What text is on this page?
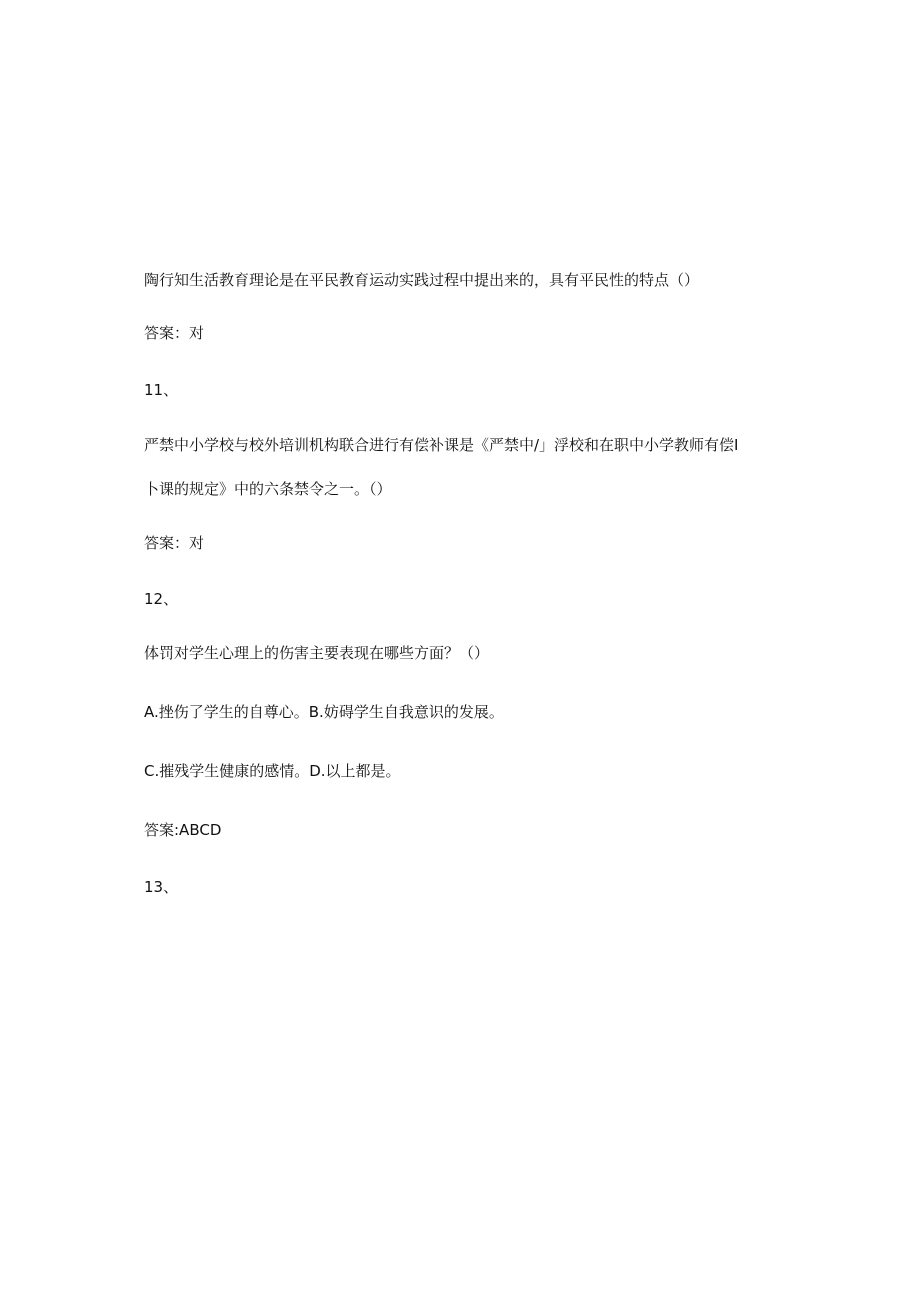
陶行知生活教育理论是在平民教育运动实践过程中提出来的，具有平民性的特点（）
答案：对
11、
严禁中小学校与校外培训机构联合进行有偿补课是《严禁中/」浮校和在职中小学教师有偿I
卜课的规定》中的六条禁令之一。（）
答案：对
12、
体罚对学生心理上的伤害主要表现在哪些方面？（）
A.挫伤了学生的自尊心。B.妨碍学生自我意识的发展。
C.摧残学生健康的感情。D.以上都是。
答案:ABCD
13、
